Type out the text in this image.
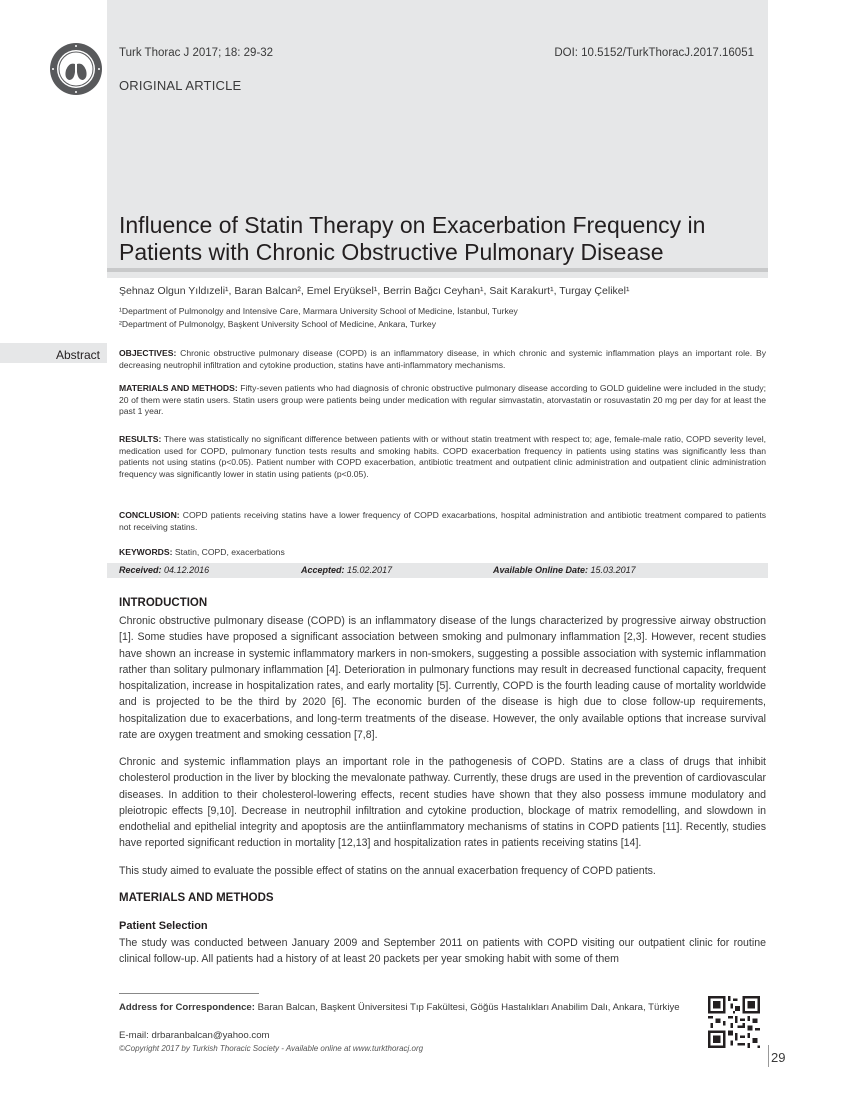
Turk Thorac J 2017; 18: 29-32	DOI: 10.5152/TurkThoracJ.2017.16051
ORIGINAL ARTICLE
Influence of Statin Therapy on Exacerbation Frequency in
Patients with Chronic Obstructive Pulmonary Disease
Şehnaz Olgun Yıldızeli¹, Baran Balcan², Emel Eryüksel¹, Berrin Bağcı Ceyhan¹, Sait Karakurt¹, Turgay Çelikel¹
¹Department of Pulmonolgy and Intensive Care, Marmara University School of Medicine, İstanbul, Turkey
²Department of Pulmonolgy, Başkent University School of Medicine, Ankara, Turkey
Abstract OBJECTIVES: Chronic obstructive pulmonary disease (COPD) is an inflammatory disease, in which chronic and systemic inflammation plays an important role. By decreasing neutrophil infiltration and cytokine production, statins have anti-inflammatory mechanisms.
MATERIALS AND METHODS: Fifty-seven patients who had diagnosis of chronic obstructive pulmonary disease according to GOLD guideline were included in the study; 20 of them were statin users. Statin users group were patients being under medication with regular simvastatin, atorvastatin or rosuvastatin 20 mg per day for at least the past 1 year.
RESULTS: There was statistically no significant difference between patients with or without statin treatment with respect to; age, female-male ratio, COPD severity level, medication used for COPD, pulmonary function tests results and smoking habits. COPD exacerbation frequency in patients using statins was significantly less than patients not using statins (p<0.05). Patient number with COPD exacerbation, antibiotic treatment and outpatient clinic administration and outpatient clinic administration frequency was significantly lower in statin using patients (p<0.05).
CONCLUSION: COPD patients receiving statins have a lower frequency of COPD exacarbations, hospital administration and antibiotic treatment compared to patients not receiving statins.
KEYWORDS: Statin, COPD, exacerbations
Received: 04.12.2016	Accepted: 15.02.2017	Available Online Date: 15.03.2017
INTRODUCTION
Chronic obstructive pulmonary disease (COPD) is an inflammatory disease of the lungs characterized by progressive airway obstruction [1]. Some studies have proposed a significant association between smoking and pulmonary inflammation [2,3]. However, recent studies have shown an increase in systemic inflammatory markers in non-smokers, suggesting a possible association with systemic inflammation rather than solitary pulmonary inflammation [4]. Deterioration in pulmonary functions may result in decreased functional capacity, frequent hospitalization, increase in hospitalization rates, and early mortality [5]. Currently, COPD is the fourth leading cause of mortality worldwide and is projected to be the third by 2020 [6]. The economic burden of the disease is high due to close follow-up requirements, hospitalization due to exacerbations, and long-term treatments of the disease. However, the only available options that increase survival rate are oxygen treatment and smoking cessation [7,8].
Chronic and systemic inflammation plays an important role in the pathogenesis of COPD. Statins are a class of drugs that inhibit cholesterol production in the liver by blocking the mevalonate pathway. Currently, these drugs are used in the prevention of cardiovascular diseases. In addition to their cholesterol-lowering effects, recent studies have shown that they also possess immune modulatory and pleiotropic effects [9,10]. Decrease in neutrophil infiltration and cytokine production, blockage of matrix remodelling, and slowdown in endothelial and epithelial integrity and apoptosis are the antiinflammatory mechanisms of statins in COPD patients [11]. Recently, studies have reported significant reduction in mortality [12,13] and hospitalization rates in patients receiving statins [14].
This study aimed to evaluate the possible effect of statins on the annual exacerbation frequency of COPD patients.
MATERIALS AND METHODS
Patient Selection
The study was conducted between January 2009 and September 2011 on patients with COPD visiting our outpatient clinic for routine clinical follow-up. All patients had a history of at least 20 packets per year smoking habit with some of them
Address for Correspondence: Baran Balcan, Başkent Üniversitesi Tıp Fakültesi, Göğüs Hastalıkları Anabilim Dalı, Ankara, Türkiye
E-mail: drbaranbalcan@yahoo.com
©Copyright 2017 by Turkish Thoracic Society - Available online at www.turkthoracj.org
29
